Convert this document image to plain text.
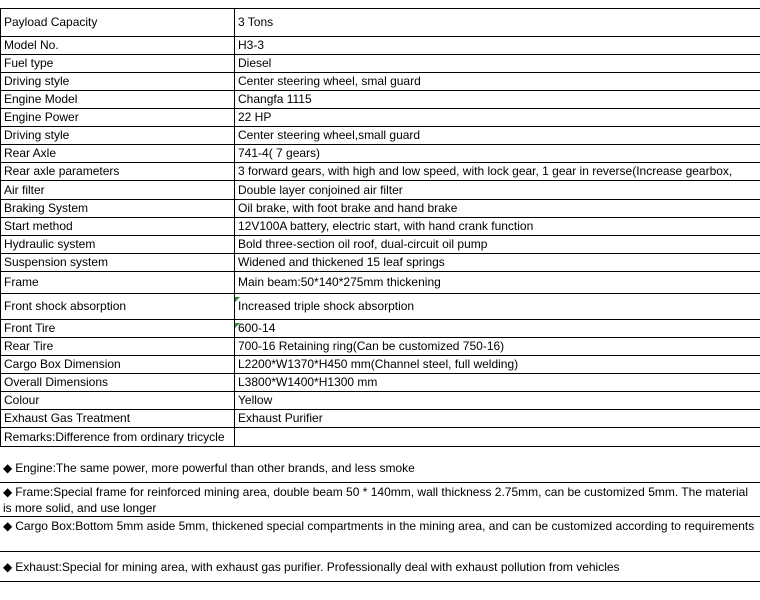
Payload Capacity	3 Tons
Model No.	H3-3
Fuel type	Diesel
Driving style	Center steering wheel, smal guard
Engine Model	Changfa 1115
Engine Power	22 HP
Driving style	Center steering wheel,small guard
Rear Axle	741-4( 7 gears)
Rear axle parameters	3 forward gears, with high and low speed, with lock gear, 1 gear in reverse(Increase gearbox,
Air filter	Double layer conjoined air filter
Braking System	Oil brake, with foot brake and hand brake
Start method	12V100A battery, electric start, with hand crank function
Hydraulic system	Bold three-section oil roof, dual-circuit oil pump
Suspension system	Widened and thickened 15 leaf springs
Frame	Main beam:50*140*275mm thickening
Front shock absorption	Increased triple shock absorption
Front Tire	600-14
Rear Tire	700-16 Retaining ring(Can be customized 750-16)
Cargo Box Dimension	L2200*W1370*H450 mm(Channel steel, full welding)
Overall Dimensions	L3800*W1400*H1300 mm
Colour	Yellow
Exhaust Gas Treatment	Exhaust Purifier
Remarks:Difference from ordinary tricycle	
◆ Engine:The same power, more powerful than other brands, and less smoke
◆ Frame:Special frame for reinforced mining area, double beam 50 * 140mm, wall thickness 2.75mm, can be customized 5mm. The material is more solid, and use longer
◆ Cargo Box:Bottom 5mm aside 5mm, thickened special compartments in the mining area, and can be customized according to requirements
◆ Exhaust:Special for mining area, with exhaust gas purifier. Professionally deal with exhaust pollution from vehicles
